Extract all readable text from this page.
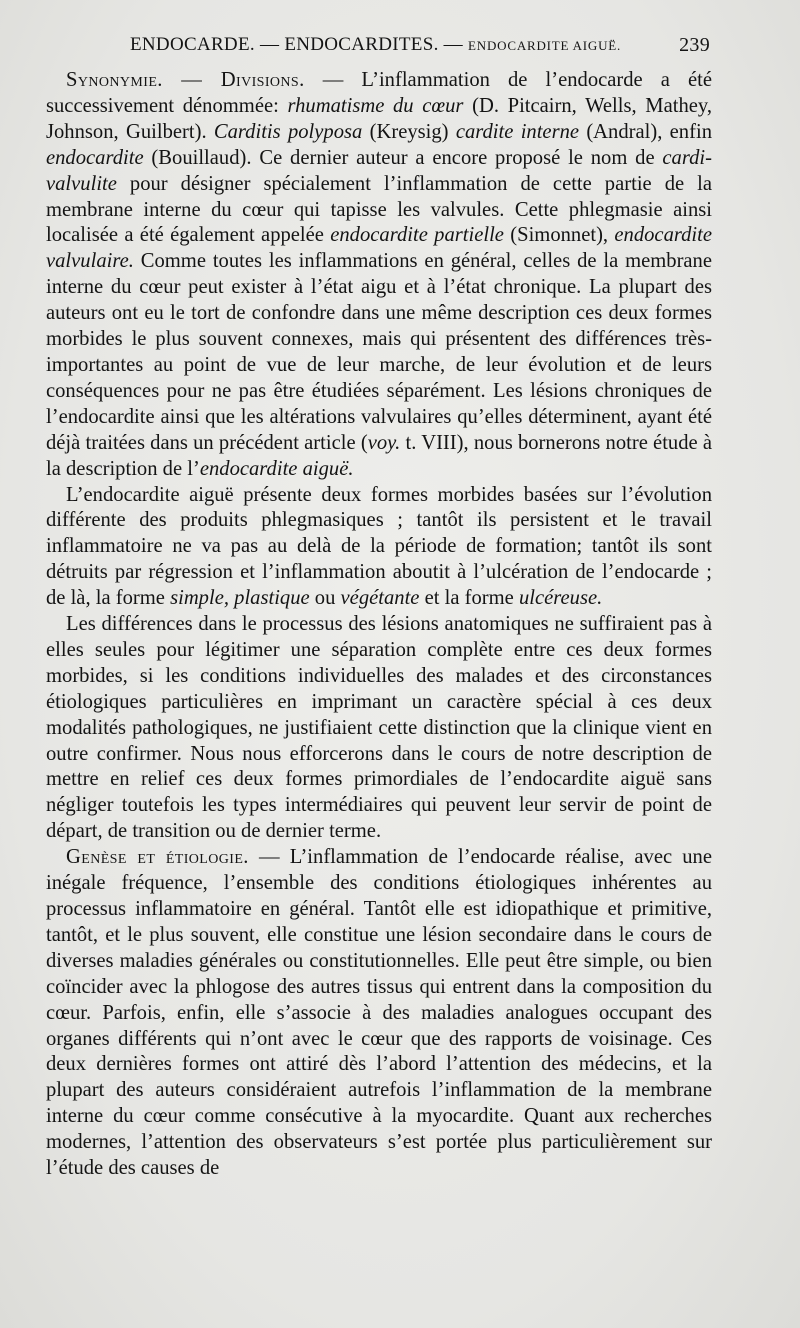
ENDOCARDE. — ENDOCARDITES. — ENDOCARDITE AIGUË.	239

Synonymie. — Divisions. — L’inflammation de l’endocarde a été successivement dénommée: rhumatisme du cœur (D. Pitcairn, Wells, Mathey, Johnson, Guilbert). Carditis polyposa (Kreysig) cardite interne (Andral), enfin endocardite (Bouillaud). Ce dernier auteur a encore proposé le nom de cardi-valvulite pour désigner spécialement l’inflammation de cette partie de la membrane interne du cœur qui tapisse les valvules. Cette phlegmasie ainsi localisée a été également appelée endocardite partielle (Simonnet), endocardite valvulaire. Comme toutes les inflammations en général, celles de la membrane interne du cœur peut exister à l’état aigu et à l’état chronique. La plupart des auteurs ont eu le tort de confondre dans une même description ces deux formes morbides le plus souvent connexes, mais qui présentent des différences très-importantes au point de vue de leur marche, de leur évolution et de leurs conséquences pour ne pas être étudiées séparément. Les lésions chroniques de l’endocardite ainsi que les altérations valvulaires qu’elles déterminent, ayant été déjà traitées dans un précédent article (voy. t. VIII), nous bornerons notre étude à la description de l’endocardite aiguë.

L’endocardite aiguë présente deux formes morbides basées sur l’évolution différente des produits phlegmasiques ; tantôt ils persistent et le travail inflammatoire ne va pas au delà de la période de formation; tantôt ils sont détruits par régression et l’inflammation aboutit à l’ulcération de l’endocarde ; de là, la forme simple, plastique ou végétante et la forme ulcéreuse.

Les différences dans le processus des lésions anatomiques ne suffiraient pas à elles seules pour légitimer une séparation complète entre ces deux formes morbides, si les conditions individuelles des malades et des circonstances étiologiques particulières en imprimant un caractère spécial à ces deux modalités pathologiques, ne justifiaient cette distinction que la clinique vient en outre confirmer. Nous nous efforcerons dans le cours de notre description de mettre en relief ces deux formes primordiales de l’endocardite aiguë sans négliger toutefois les types intermédiaires qui peuvent leur servir de point de départ, de transition ou de dernier terme.

Genèse et étiologie. — L’inflammation de l’endocarde réalise, avec une inégale fréquence, l’ensemble des conditions étiologiques inhérentes au processus inflammatoire en général. Tantôt elle est idiopathique et primitive, tantôt, et le plus souvent, elle constitue une lésion secondaire dans le cours de diverses maladies générales ou constitutionnelles. Elle peut être simple, ou bien coïncider avec la phlogose des autres tissus qui entrent dans la composition du cœur. Parfois, enfin, elle s’associe à des maladies analogues occupant des organes différents qui n’ont avec le cœur que des rapports de voisinage. Ces deux dernières formes ont attiré dès l’abord l’attention des médecins, et la plupart des auteurs considéraient autrefois l’inflammation de la membrane interne du cœur comme consécutive à la myocardite. Quant aux recherches modernes, l’attention des observateurs s’est portée plus particulièrement sur l’étude des causes de
